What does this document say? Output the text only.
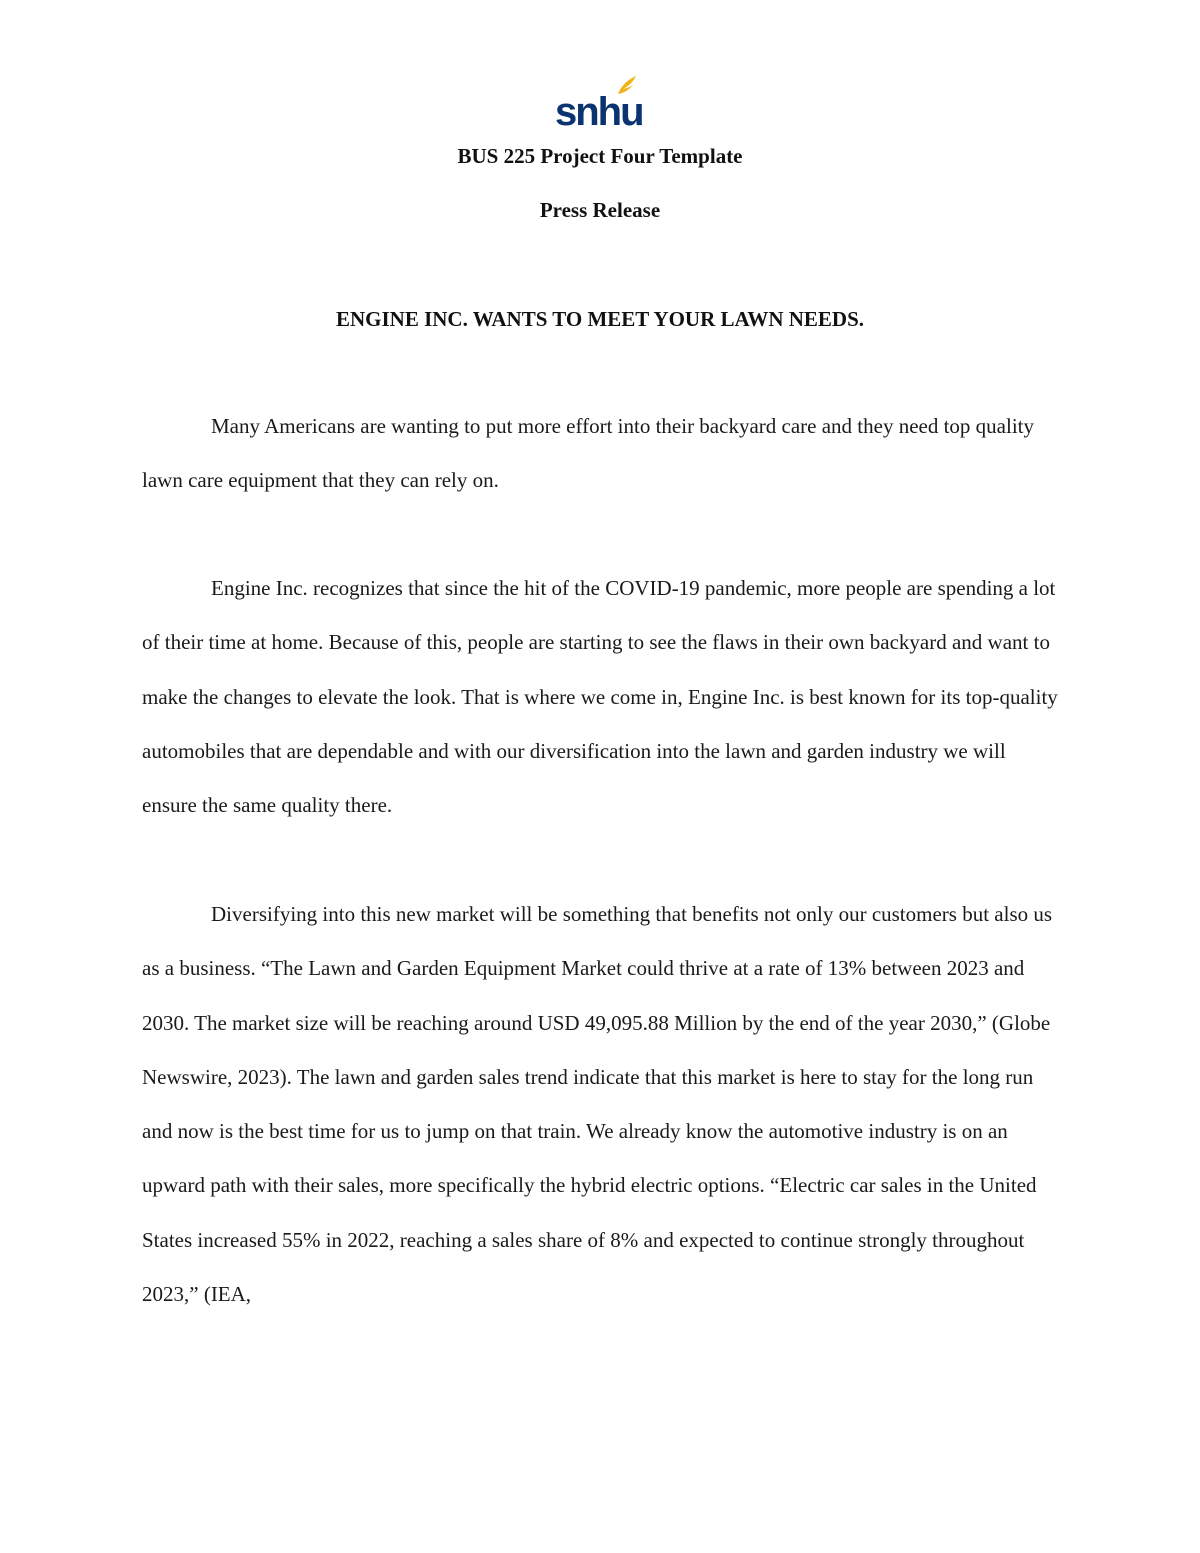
snhu
BUS 225 Project Four Template
Press Release
ENGINE INC. WANTS TO MEET YOUR LAWN NEEDS.

Many Americans are wanting to put more effort into their backyard care and they need top quality lawn care equipment that they can rely on.

Engine Inc. recognizes that since the hit of the COVID-19 pandemic, more people are spending a lot of their time at home. Because of this, people are starting to see the flaws in their own backyard and want to make the changes to elevate the look. That is where we come in, Engine Inc. is best known for its top-quality automobiles that are dependable and with our diversification into the lawn and garden industry we will ensure the same quality there.

Diversifying into this new market will be something that benefits not only our customers but also us as a business. “The Lawn and Garden Equipment Market could thrive at a rate of 13% between 2023 and 2030. The market size will be reaching around USD 49,095.88 Million by the end of the year 2030,” (Globe Newswire, 2023). The lawn and garden sales trend indicate that this market is here to stay for the long run and now is the best time for us to jump on that train. We already know the automotive industry is on an upward path with their sales, more specifically the hybrid electric options. “Electric car sales in the United States increased 55% in 2022, reaching a sales share of 8% and expected to continue strongly throughout 2023,” (IEA,
